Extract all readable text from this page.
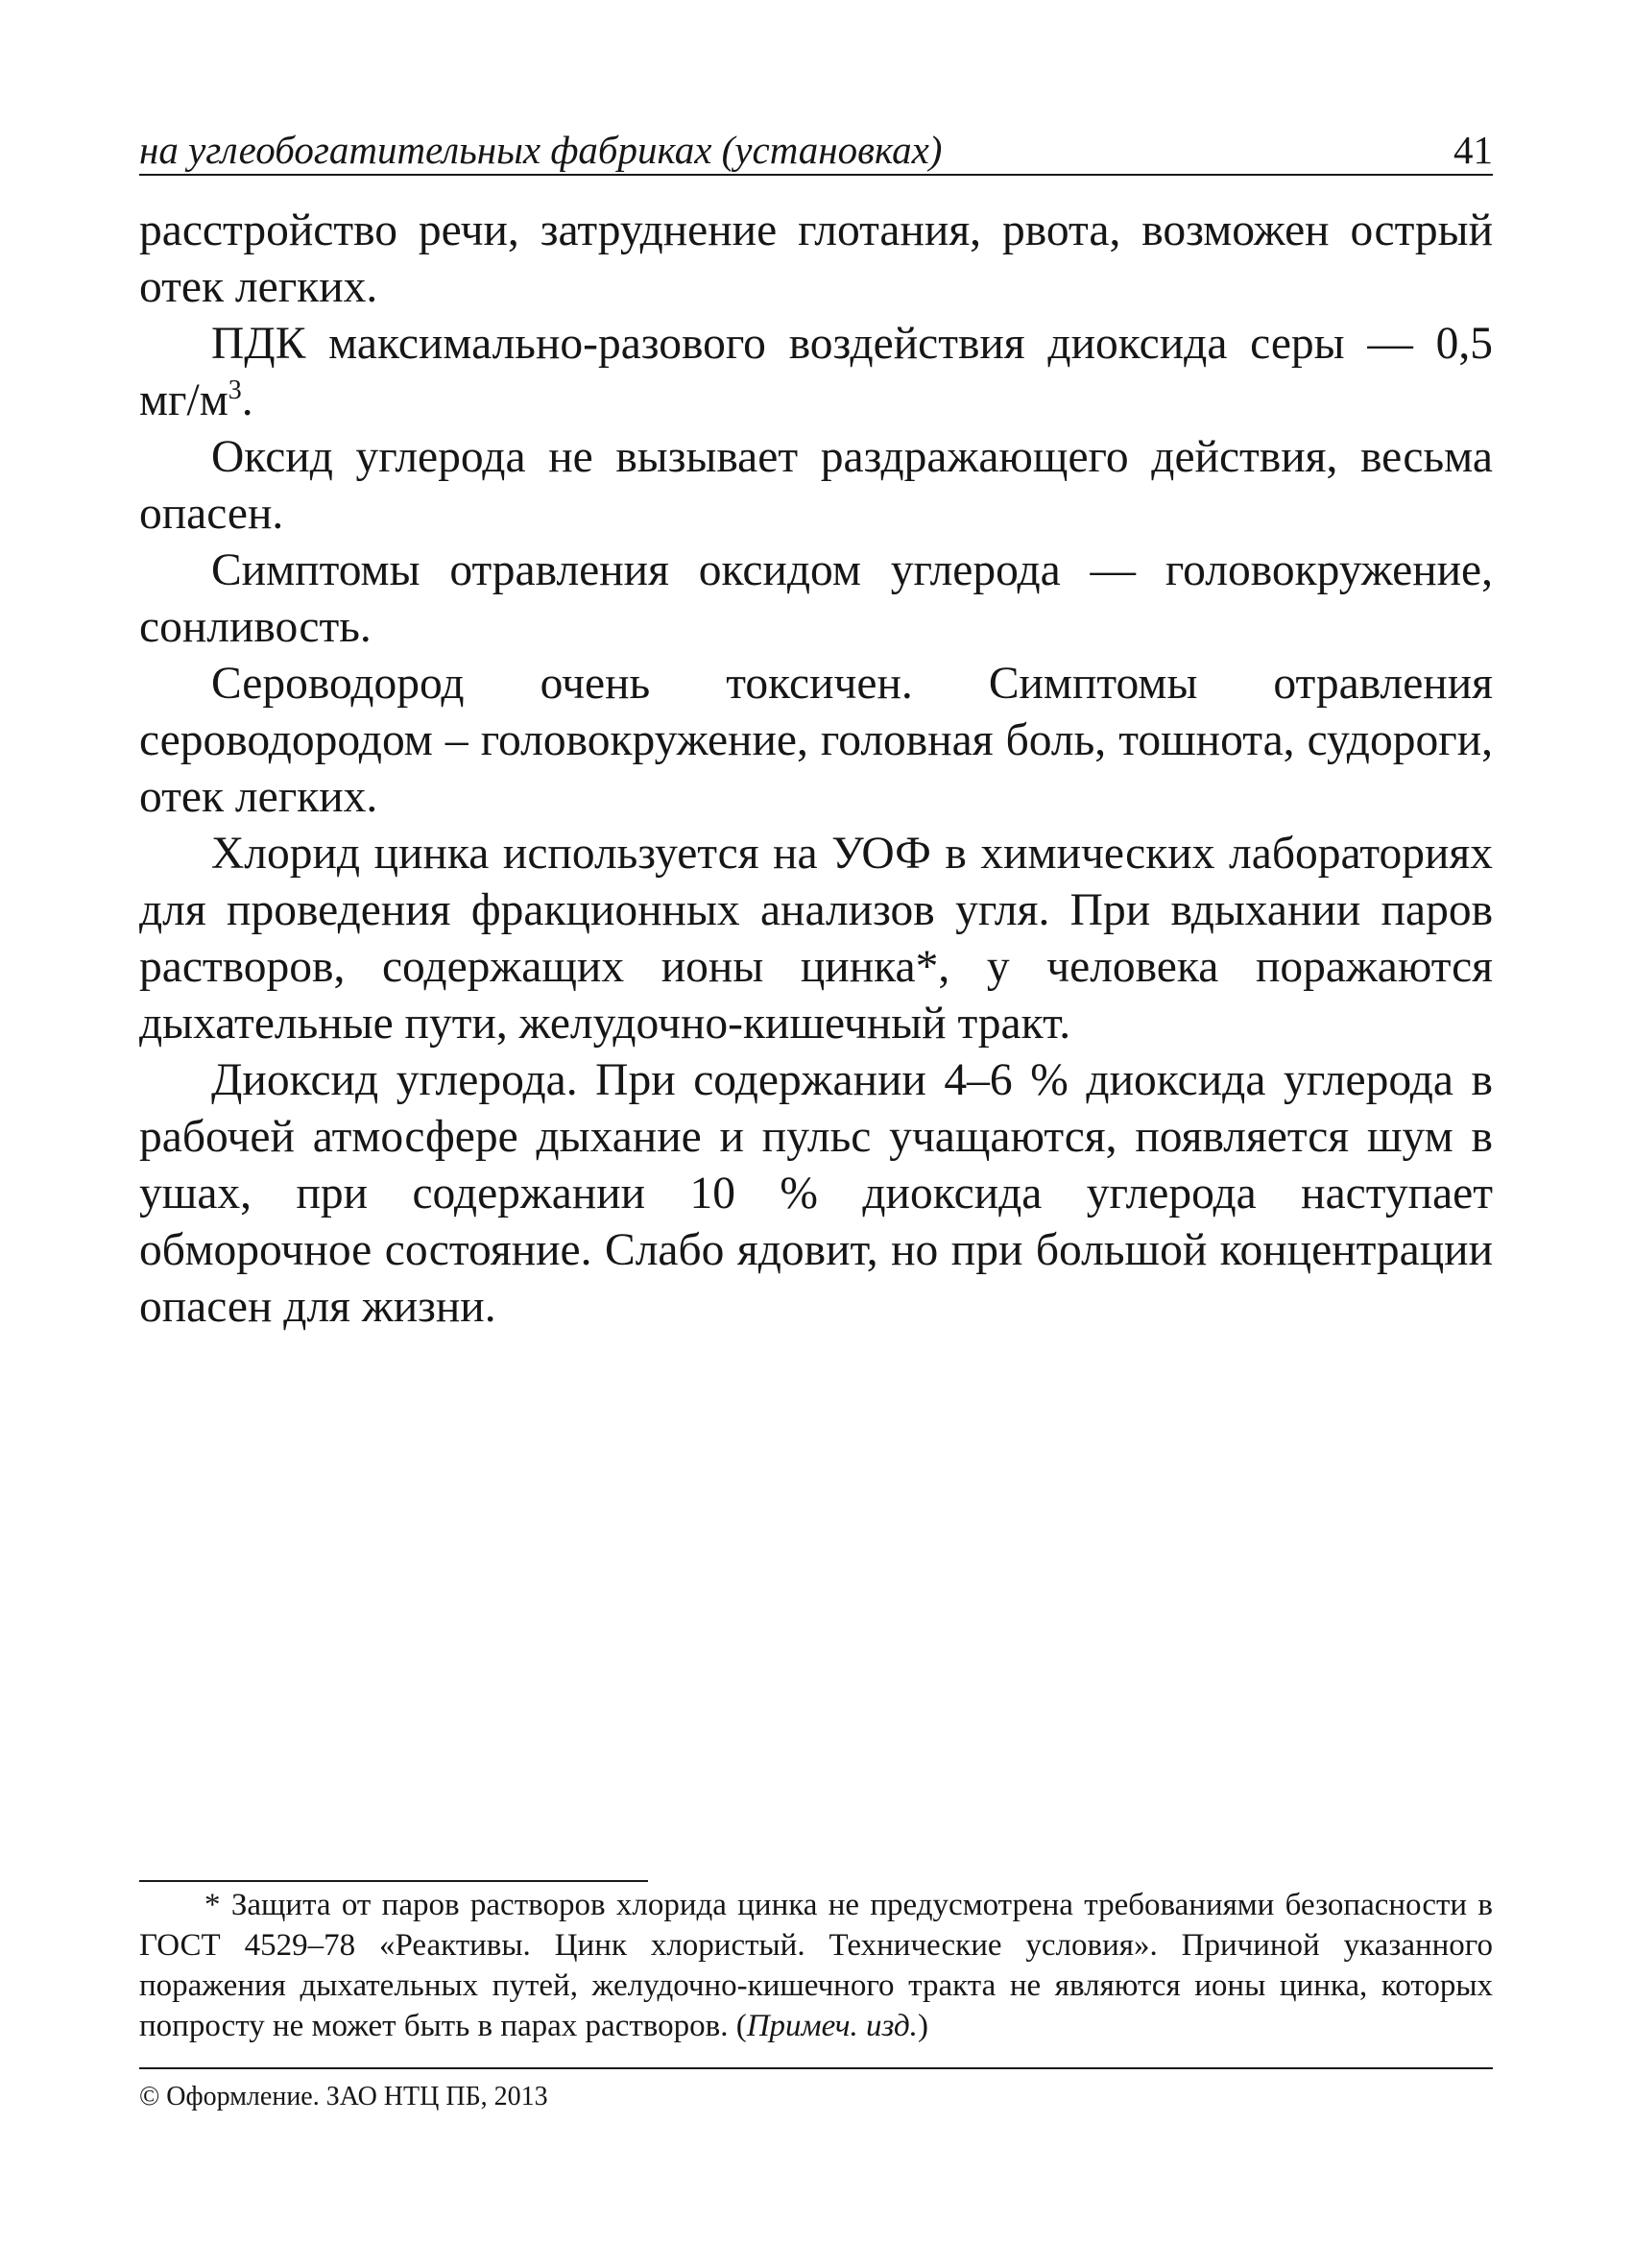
на углеобогатительных фабриках (установках)	41

расстройство речи, затруднение глотания, рвота, возможен острый отек легких.

ПДК максимально-разового воздействия диоксида серы — 0,5 $мг/м^3$.

Оксид углерода не вызывает раздражающего действия, весьма опасен.

Симптомы отравления оксидом углерода — головокружение, сонливость.

Сероводород очень токсичен. Симптомы отравления сероводородом – головокружение, головная боль, тошнота, судороги, отек легких.

Хлорид цинка используется на УОФ в химических лабораториях для проведения фракционных анализов угля. При вдыхании паров растворов, содержащих ионы цинка*, у человека поражаются дыхательные пути, желудочно-кишечный тракт.

Диоксид углерода. При содержании 4–6 % диоксида углерода в рабочей атмосфере дыхание и пульс учащаются, появляется шум в ушах, при содержании 10 % диоксида углерода наступает обморочное состояние. Слабо ядовит, но при большой концентрации опасен для жизни.

* Защита от паров растворов хлорида цинка не предусмотрена требованиями безопасности в ГОСТ 4529–78 «Реактивы. Цинк хлористый. Технические условия». Причиной указанного поражения дыхательных путей, желудочно-кишечного тракта не являются ионы цинка, которых попросту не может быть в парах растворов. (Примеч. изд.)

© Оформление. ЗАО НТЦ ПБ, 2013
